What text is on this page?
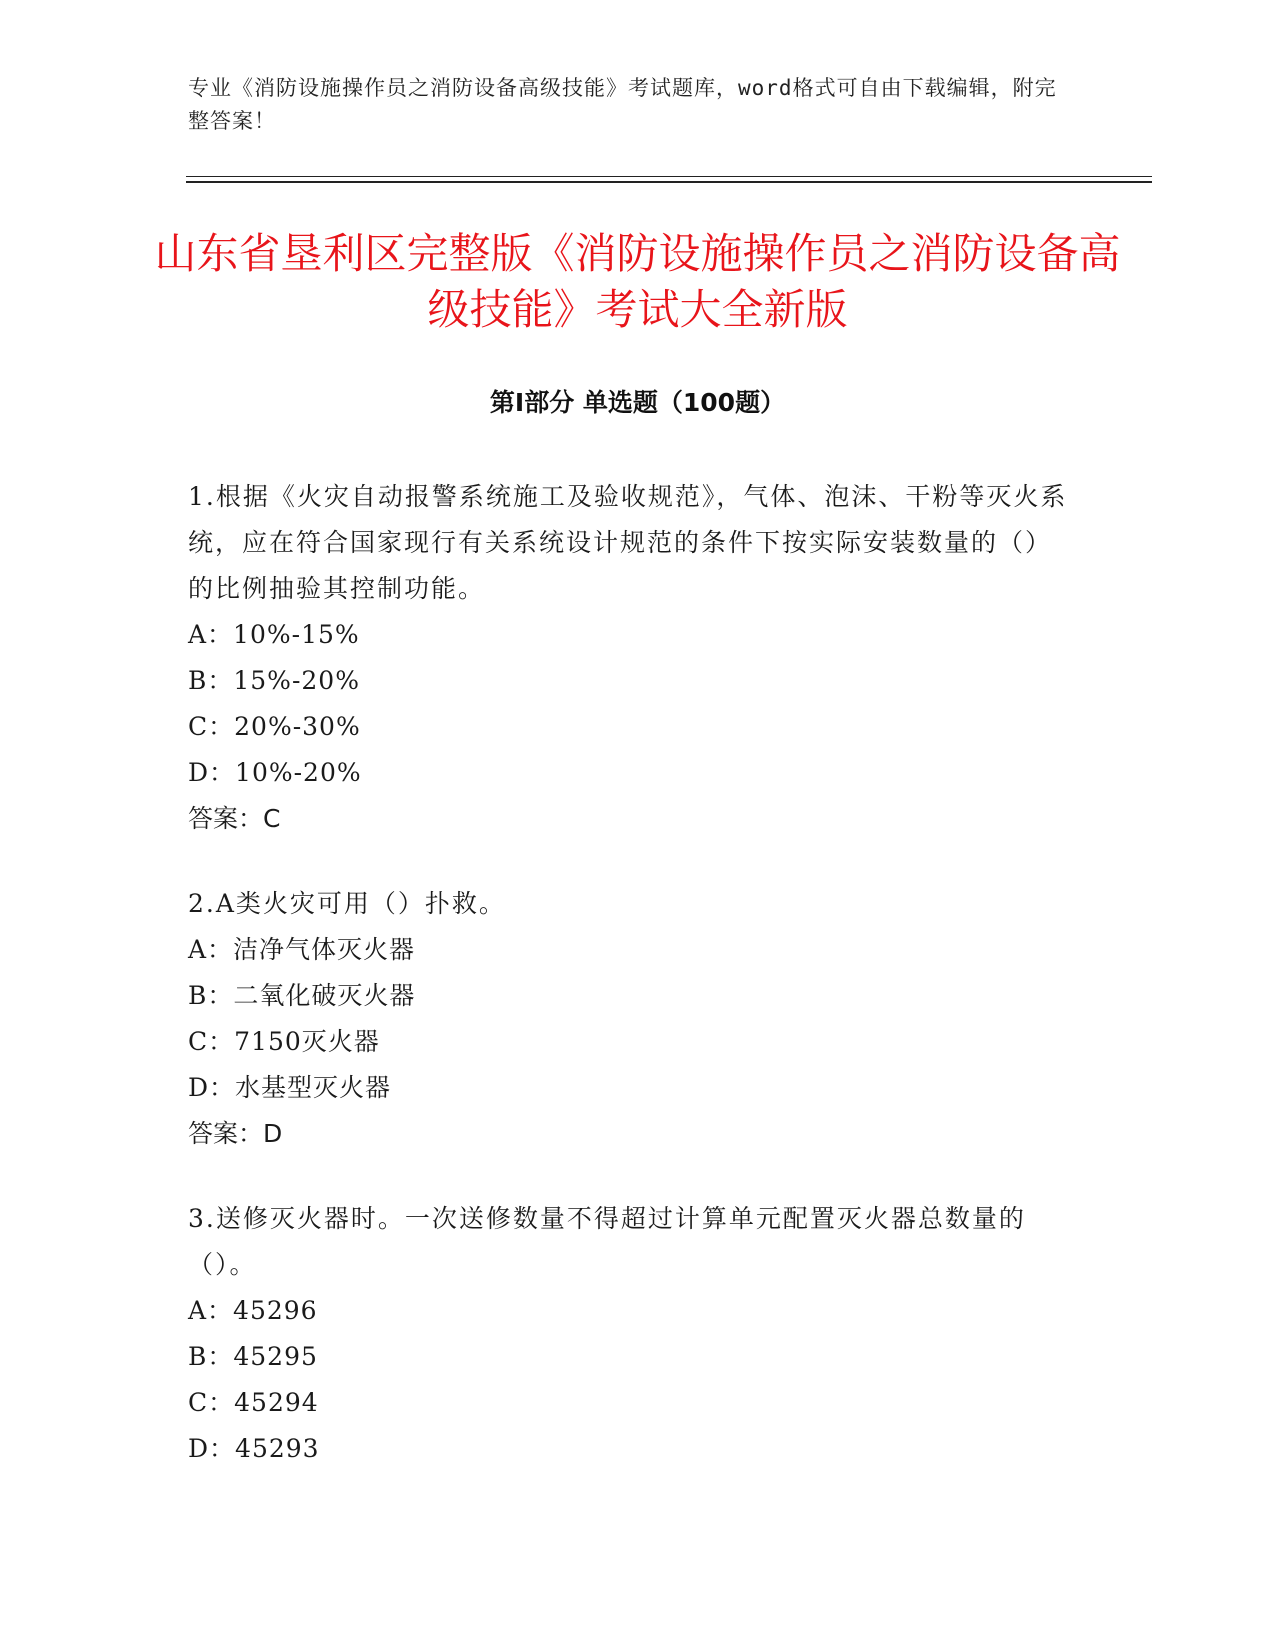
专业《消防设施操作员之消防设备高级技能》考试题库，word格式可自由下载编辑，附完整答案！
山东省垦利区完整版《消防设施操作员之消防设备高级技能》考试大全新版
第Ⅰ部分 单选题（100题）

1.根据《火灾自动报警系统施工及验收规范》，气体、泡沫、干粉等灭火系统，应在符合国家现行有关系统设计规范的条件下按实际安装数量的（）的比例抽验其控制功能。

A：10%-15%

B：15%-20%

C：20%-30%

D：10%-20%

答案：C

2.A类火灾可用（）扑救。

A：洁净气体灭火器

B：二氧化破灭火器

C：7150灭火器

D：水基型灭火器

答案：D

3.送修灭火器时。一次送修数量不得超过计算单元配置灭火器总数量的（）。

A：45296

B：45295

C：45294

D：45293
